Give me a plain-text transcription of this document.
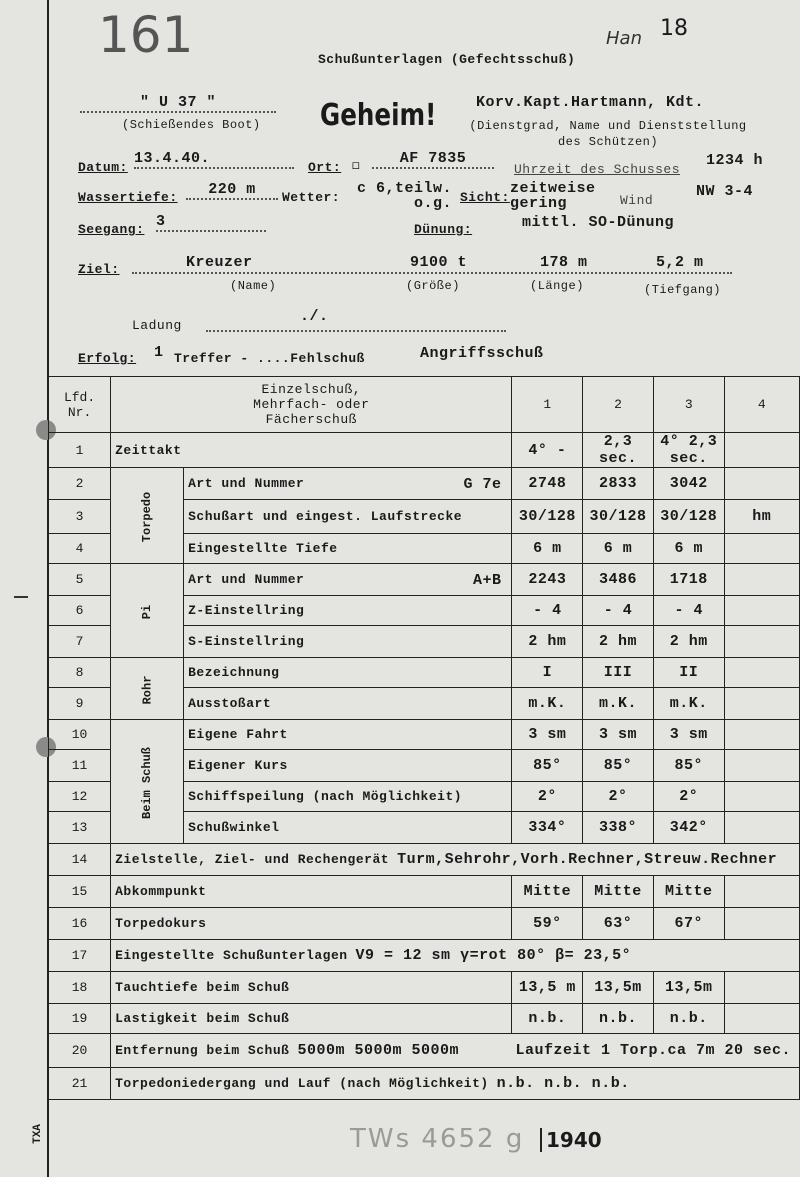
161	18
Han
Schußunterlagen (Gefechtsschuß)
Geheim!
" U 37 "
(Schießendes Boot)
Korv.Kapt.Hartmann, Kdt.
(Dienstgrad, Name und Dienststellung des Schützen)
Datum:
13.4.40.
Ort: ◻	AF 7835
Uhrzeit des Schusses
1234 h
Wassertiefe:	220 m	Wetter:
c 6,teilw. o.g. Sicht:
zeitweise gering	Wind
NW 3-4
Seegang: 3	Dünung:	mittl. SO-Dünung
Ziel:	Kreuzer
(Name)
9100 t
(Größe)
178 m
(Länge)
5,2 m
(Tiefgang)
Ladung
./.
Erfolg: 1 Treffer - ....Fehlschuß	Angriffsschuß
Lfd. Nr.	Einzelschuß, Mehrfach- oder Fächerschuß		1	2	3	4
1	Zeittakt		4° -	2,3 sec.	4° 2,3 sec.	
2	Torpedo	Art und Nummer G 7e	2748	2833	3042	
3		Schußart und eingest. Laufstrecke	30/128	30/128	30/128	hm
4		Eingestellte Tiefe	6 m	6 m	6 m	
5	Pi	Art und Nummer A+B	2243	3486	1718	
6		Z-Einstellring	- 4	- 4	- 4	
7		S-Einstellring	2 hm	2 hm	2 hm	
8	Rohr	Bezeichnung	I	III	II	
9		Ausstoßart	m.K.	m.K.	m.K.	
10	Beim Schuß	Eigene Fahrt	3 sm	3 sm	3 sm	
11		Eigener Kurs	85°	85°	85°	
12		Schiffspeilung (nach Möglichkeit)	2°	2°	2°	
13		Schußwinkel	334°	338°	342°	
14	Zielstelle, Ziel- und Rechengerät Turm,Sehrohr,Vorh.Rechner,Streuw.Rechner					
15	Abkommpunkt		Mitte	Mitte	Mitte	
16	Torpedokurs		59°	63°	67°	
17	Eingestellte Schußunterlagen V9 = 12 sm γ=rot 80° β= 23,5°					
18	Tauchtiefe beim Schuß		13,5 m	13,5m	13,5m	
19	Lastigkeit beim Schuß		n.b.	n.b.	n.b.	
20	Entfernung beim Schuß 5000m 5000m 5000m Laufzeit 1 Torp.ca 7m 20 sec.					

21	Torpedoniedergang und Lauf (nach Möglichkeit) n.b. n.b. n.b.					
TWs 4652 g	1940
TXA
